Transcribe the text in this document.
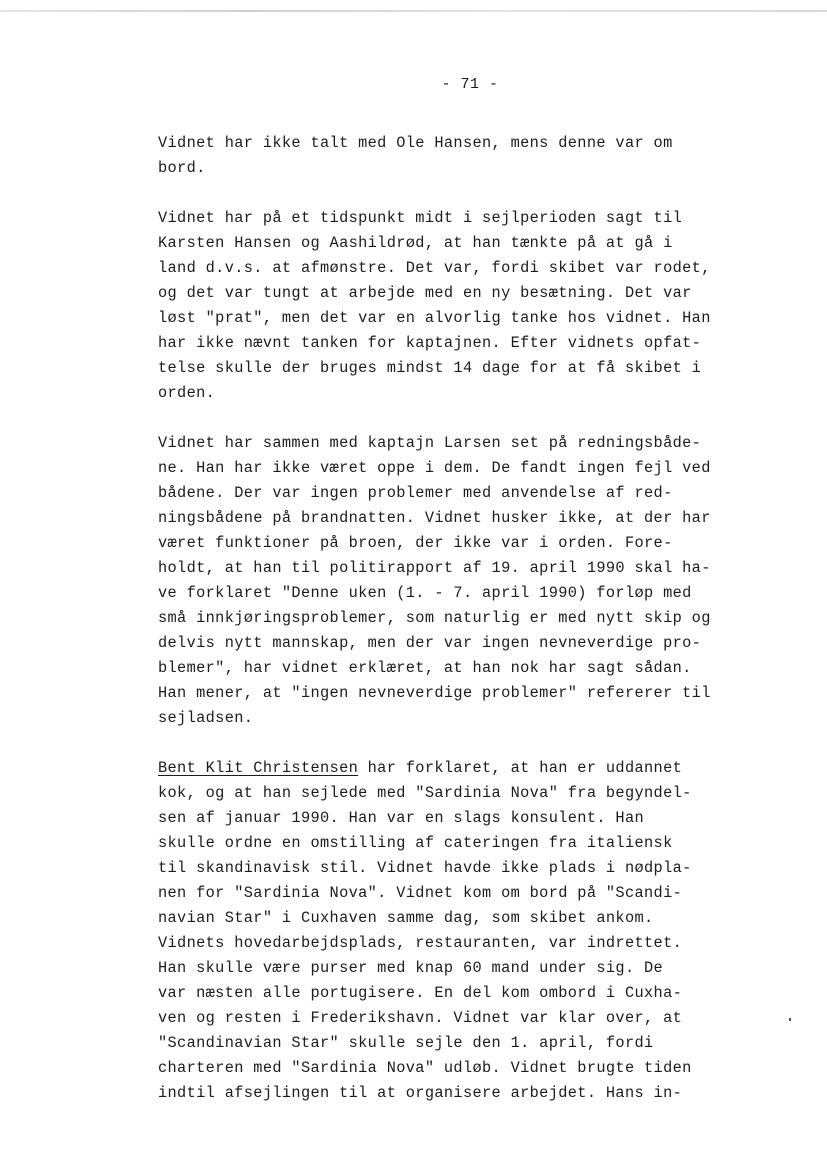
- 71 -
Vidnet har ikke talt med Ole Hansen, mens denne var om
bord.
Vidnet har på et tidspunkt midt i sejlperioden sagt til
Karsten Hansen og Aashildrød, at han tænkte på at gå i
land d.v.s. at afmønstre. Det var, fordi skibet var rodet,
og det var tungt at arbejde med en ny besætning. Det var
løst "prat", men det var en alvorlig tanke hos vidnet. Han
har ikke nævnt tanken for kaptajnen. Efter vidnets opfat-
telse skulle der bruges mindst 14 dage for at få skibet i
orden.
Vidnet har sammen med kaptajn Larsen set på redningsbåde-
ne. Han har ikke været oppe i dem. De fandt ingen fejl ved
bådene. Der var ingen problemer med anvendelse af red-
ningsbådene på brandnatten. Vidnet husker ikke, at der har
været funktioner på broen, der ikke var i orden. Fore-
holdt, at han til politirapport af 19. april 1990 skal ha-
ve forklaret "Denne uken (1. - 7. april 1990) forløp med
små innkjøringsproblemer, som naturlig er med nytt skip og
delvis nytt mannskap, men der var ingen nevneverdige pro-
blemer", har vidnet erklæret, at han nok har sagt sådan.
Han mener, at "ingen nevneverdige problemer" refererer til
sejladsen.
Bent Klit Christensen har forklaret, at han er uddannet
kok, og at han sejlede med "Sardinia Nova" fra begyndel-
sen af januar 1990. Han var en slags konsulent. Han
skulle ordne en omstilling af cateringen fra italiensk
til skandinavisk stil. Vidnet havde ikke plads i nødpla-
nen for "Sardinia Nova". Vidnet kom om bord på "Scandi-
navian Star" i Cuxhaven samme dag, som skibet ankom.
Vidnets hovedarbejdsplads, restauranten, var indrettet.
Han skulle være purser med knap 60 mand under sig. De
var næsten alle portugisere. En del kom ombord i Cuxha-
ven og resten i Frederikshavn. Vidnet var klar over, at
"Scandinavian Star" skulle sejle den 1. april, fordi
charteren med "Sardinia Nova" udløb. Vidnet brugte tiden
indtil afsejlingen til at organisere arbejdet. Hans in-
